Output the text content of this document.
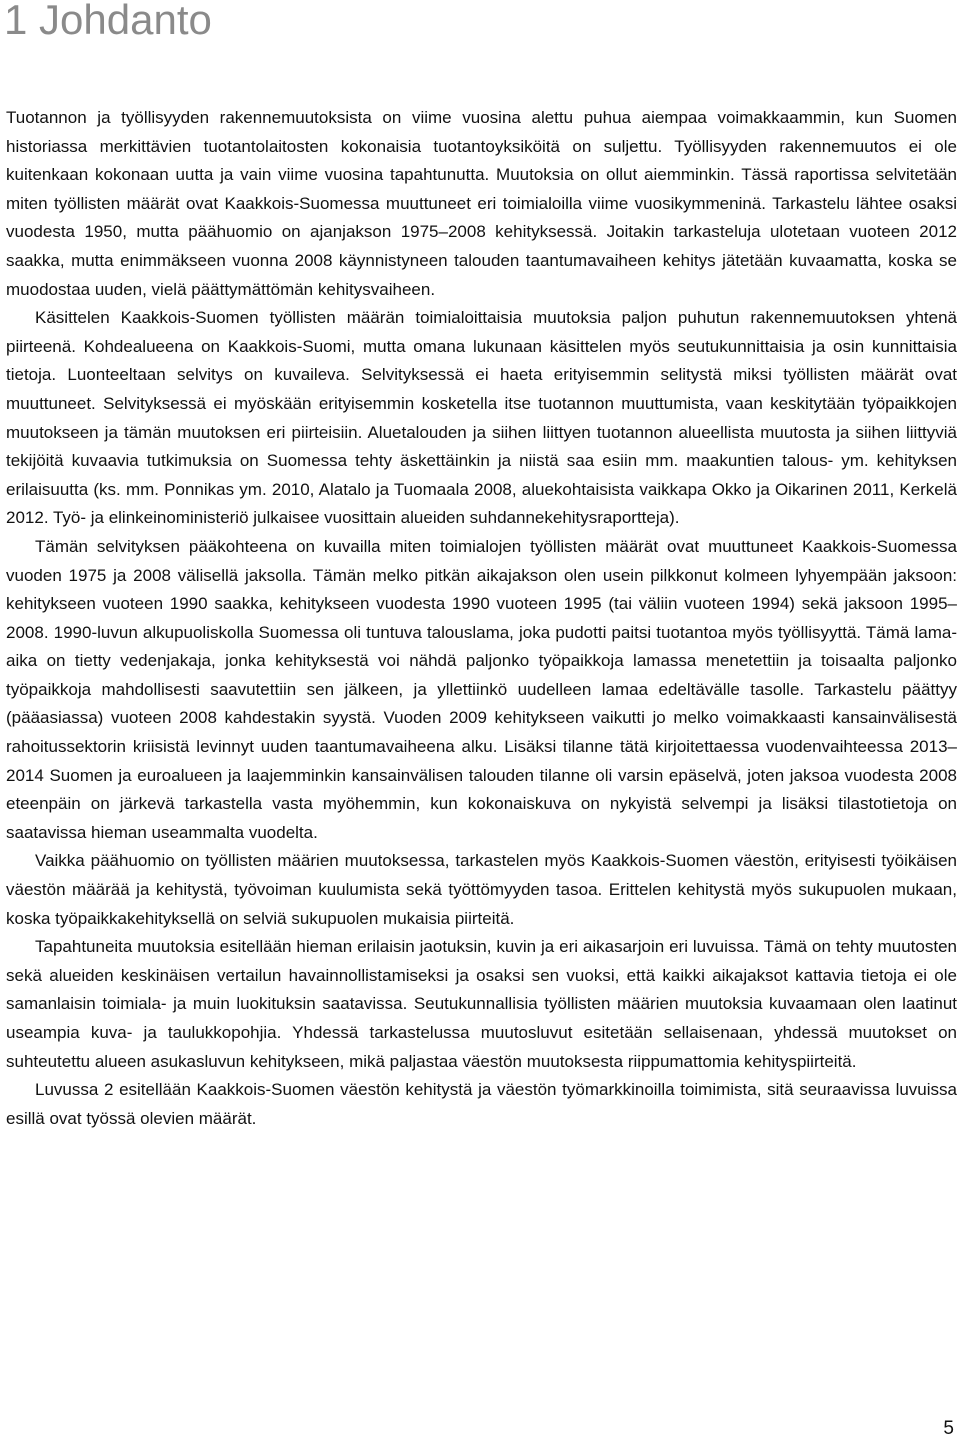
1 Johdanto

Tuotannon ja työllisyyden rakennemuutoksista on viime vuosina alettu puhua aiempaa voimakkaammin, kun Suomen historiassa merkittävien tuotantolaitosten kokonaisia tuotantoyksiköitä on suljettu. Työllisyyden rakennemuutos ei ole kuitenkaan kokonaan uutta ja vain viime vuosina tapahtunutta. Muutoksia on ollut aiemminkin. Tässä raportissa selvitetään miten työllisten määrät ovat Kaakkois-Suomessa muuttuneet eri toimialoilla viime vuosikymmeninä. Tarkastelu lähtee osaksi vuodesta 1950, mutta päähuomio on ajanjakson 1975–2008 kehityksessä. Joitakin tarkasteluja ulotetaan vuoteen 2012 saakka, mutta enimmäkseen vuonna 2008 käynnistyneen talouden taantumavaiheen kehitys jätetään kuvaamatta, koska se muodostaa uuden, vielä päättymättömän kehitysvaiheen.

Käsittelen Kaakkois-Suomen työllisten määrän toimialoittaisia muutoksia paljon puhutun rakennemuutoksen yhtenä piirteenä. Kohdealueena on Kaakkois-Suomi, mutta omana lukunaan käsittelen myös seutukunnittaisia ja osin kunnittaisia tietoja. Luonteeltaan selvitys on kuvaileva. Selvityksessä ei haeta erityisemmin selitystä miksi työllisten määrät ovat muuttuneet. Selvityksessä ei myöskään erityisemmin kosketella itse tuotannon muuttumista, vaan keskitytään työpaikkojen muutokseen ja tämän muutoksen eri piirteisiin. Aluetalouden ja siihen liittyen tuotannon alueellista muutosta ja siihen liittyviä tekijöitä kuvaavia tutkimuksia on Suomessa tehty äskettäinkin ja niistä saa esiin mm. maakuntien talous- ym. kehityksen erilaisuutta (ks. mm. Ponnikas ym. 2010, Alatalo ja Tuomaala 2008, aluekohtaisista vaikkapa Okko ja Oikarinen 2011, Kerkelä 2012. Työ- ja elinkeinoministeriö julkaisee vuosittain alueiden suhdannekehitysraportteja).

Tämän selvityksen pääkohteena on kuvailla miten toimialojen työllisten määrät ovat muuttuneet Kaakkois-Suomessa vuoden 1975 ja 2008 välisellä jaksolla. Tämän melko pitkän aikajakson olen usein pilkkonut kolmeen lyhyempään jaksoon: kehitykseen vuoteen 1990 saakka, kehitykseen vuodesta 1990 vuoteen 1995 (tai väliin vuoteen 1994) sekä jaksoon 1995–2008. 1990-luvun alkupuoliskolla Suomessa oli tuntuva talouslama, joka pudotti paitsi tuotantoa myös työllisyyttä. Tämä lama-aika on tietty vedenjakaja, jonka kehityksestä voi nähdä paljonko työpaikkoja lamassa menetettiin ja toisaalta paljonko työpaikkoja mahdollisesti saavutettiin sen jälkeen, ja yllettiinkö uudelleen lamaa edeltävälle tasolle. Tarkastelu päättyy (pääasiassa) vuoteen 2008 kahdestakin syystä. Vuoden 2009 kehitykseen vaikutti jo melko voimakkaasti kansainvälisestä rahoitussektorin kriisistä levinnyt uuden taantumavaiheena alku. Lisäksi tilanne tätä kirjoitettaessa vuodenvaihteessa 2013–2014 Suomen ja euroalueen ja laajemminkin kansainvälisen talouden tilanne oli varsin epäselvä, joten jaksoa vuodesta 2008 eteenpäin on järkevä tarkastella vasta myöhemmin, kun kokonaiskuva on nykyistä selvempi ja lisäksi tilastotietoja on saatavissa hieman useammalta vuodelta.

Vaikka päähuomio on työllisten määrien muutoksessa, tarkastelen myös Kaakkois-Suomen väestön, erityisesti työikäisen väestön määrää ja kehitystä, työvoiman kuulumista sekä työttömyyden tasoa. Erittelen kehitystä myös sukupuolen mukaan, koska työpaikkakehityksellä on selviä sukupuolen mukaisia piirteitä.

Tapahtuneita muutoksia esitellään hieman erilaisin jaotuksin, kuvin ja eri aikasarjoin eri luvuissa. Tämä on tehty muutosten sekä alueiden keskinäisen vertailun havainnollistamiseksi ja osaksi sen vuoksi, että kaikki aikajaksot kattavia tietoja ei ole samanlaisin toimiala- ja muin luokituksin saatavissa. Seutukunnallisia työllisten määrien muutoksia kuvaamaan olen laatinut useampia kuva- ja taulukkopohjia. Yhdessä tarkastelussa muutosluvut esitetään sellaisenaan, yhdessä muutokset on suhteutettu alueen asukasluvun kehitykseen, mikä paljastaa väestön muutoksesta riippumattomia kehityspiirteitä.

Luvussa 2 esitellään Kaakkois-Suomen väestön kehitystä ja väestön työmarkkinoilla toimimista, sitä seuraavissa luvuissa esillä ovat työssä olevien määrät.

5
